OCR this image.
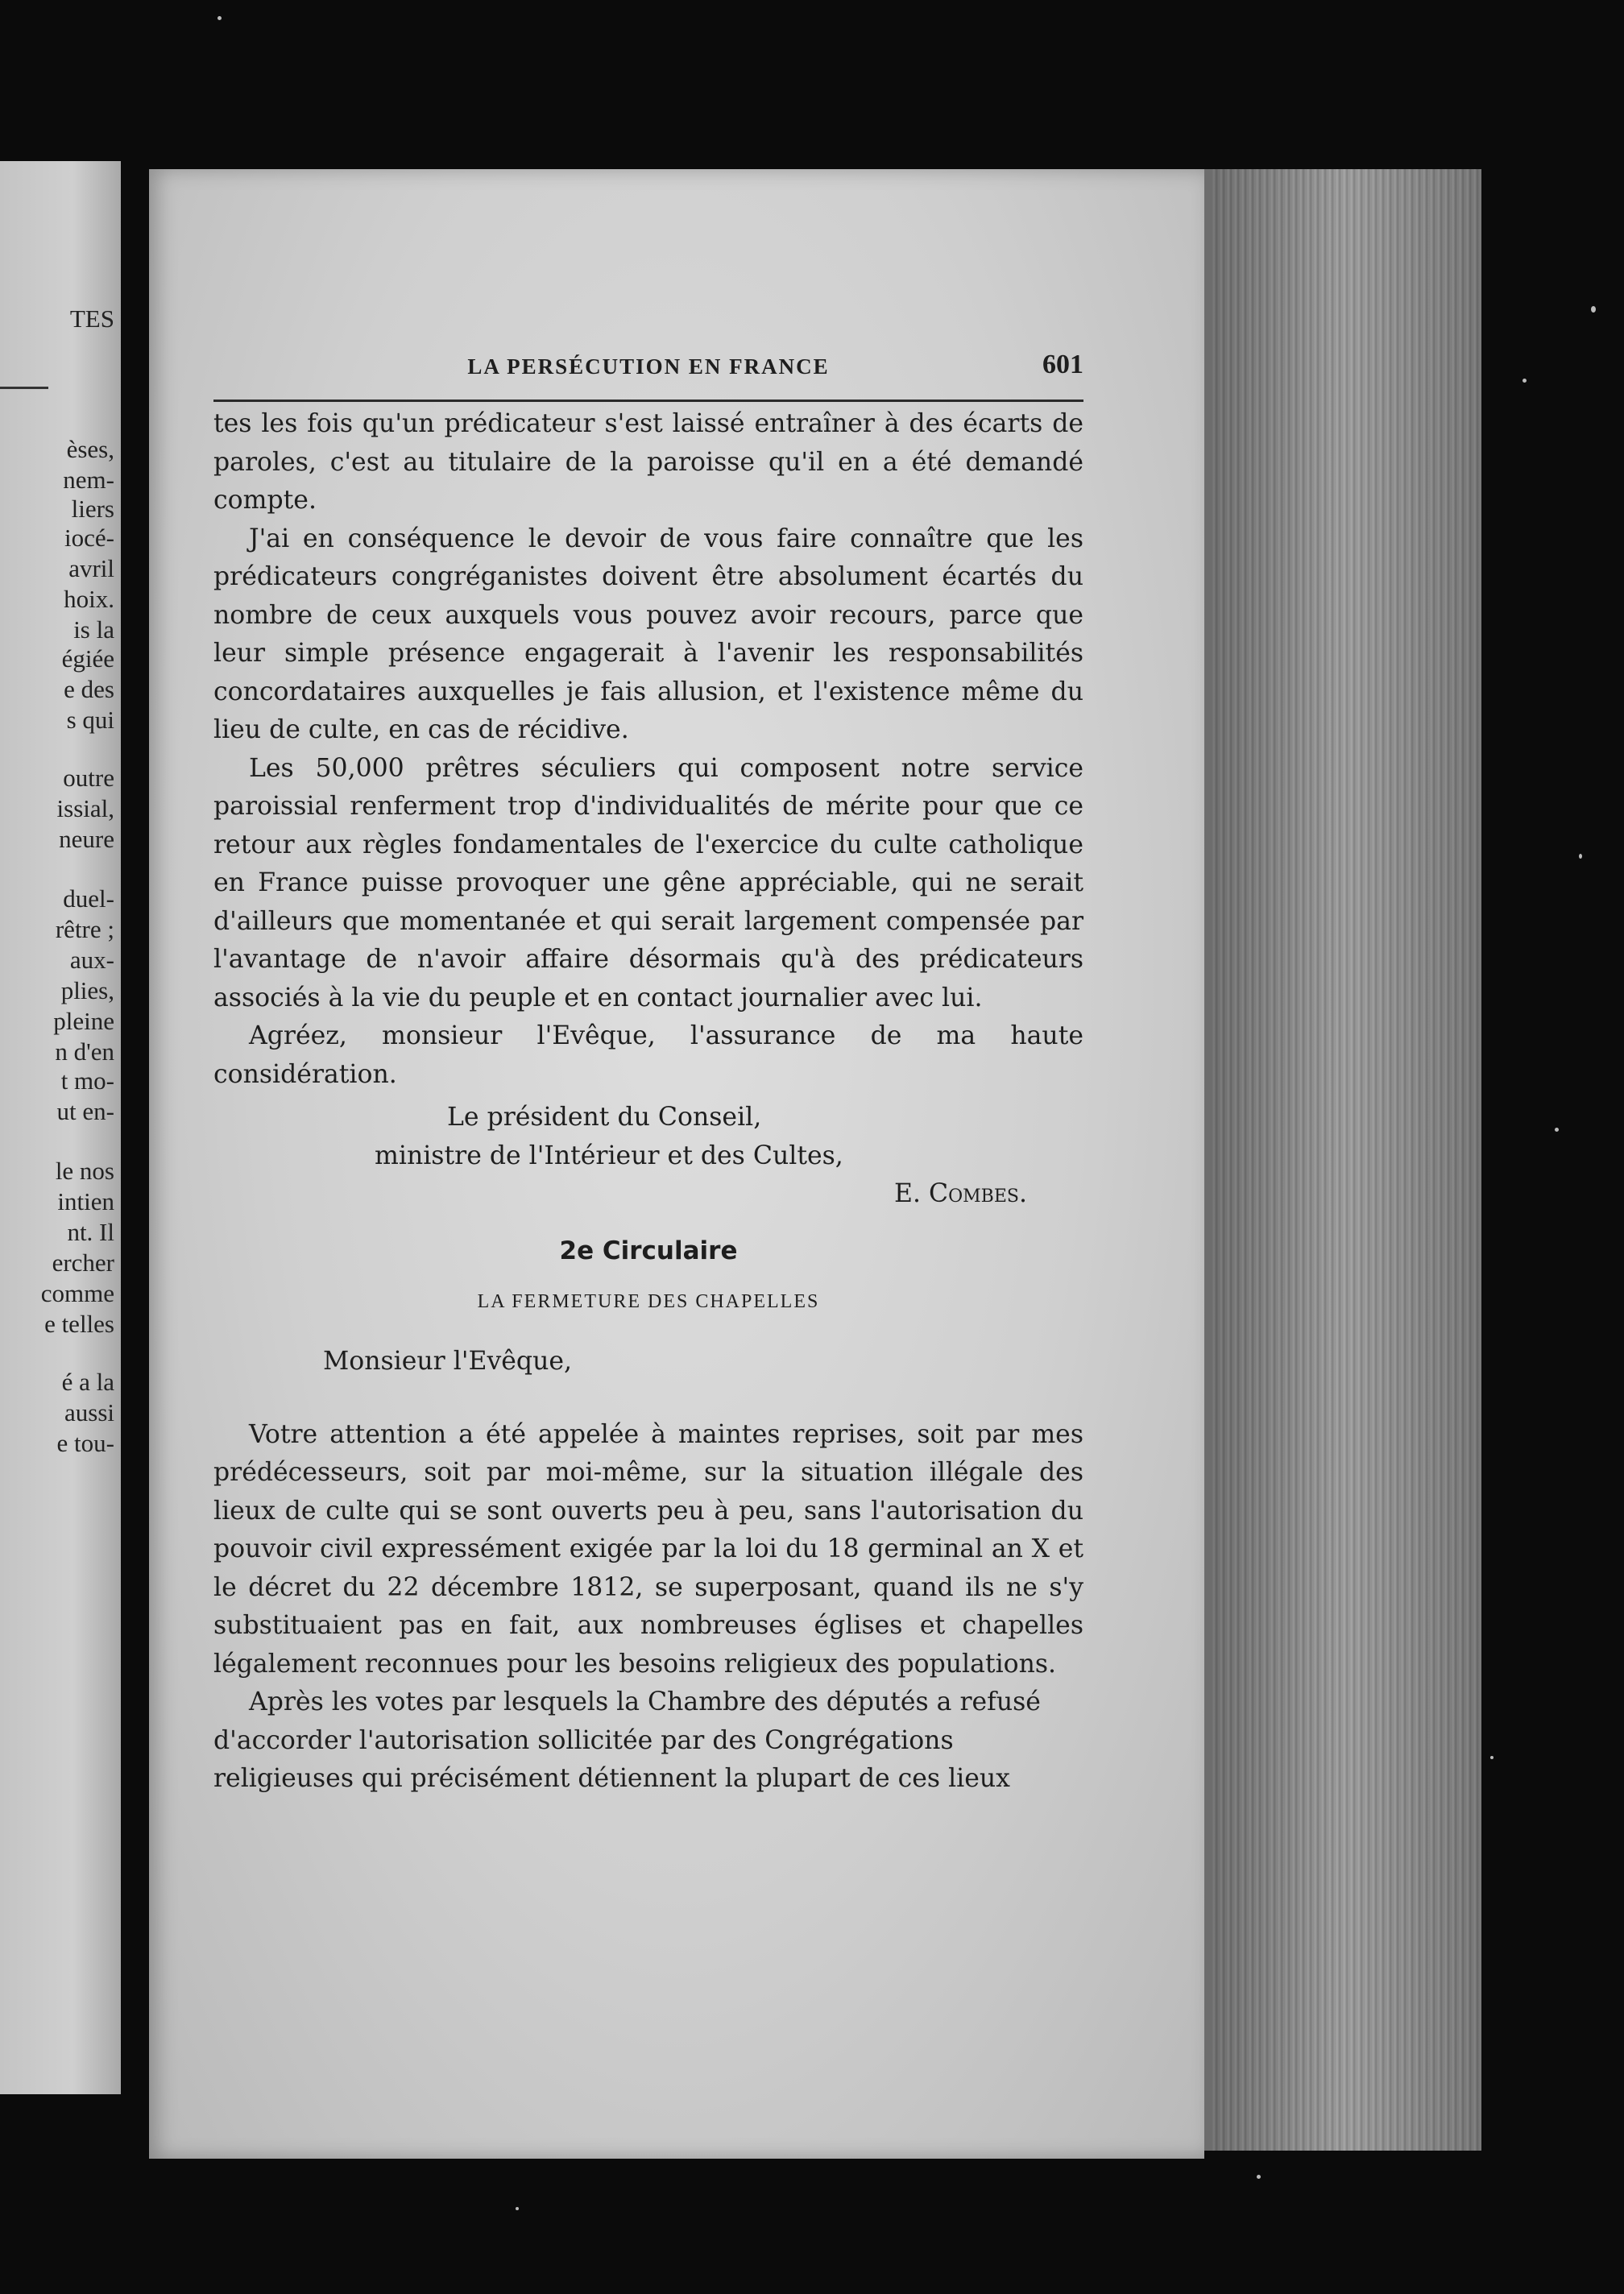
TES
èses,
nem-
liers
iocé-
avril
hoix.
is la
égiée
e des
s qui
outre
issial,
neure
duel-
rêtre ;
aux-
plies,
pleine
n d'en
t mo-
ut en-
le nos
intien
nt. Il
ercher
comme
e telles
é a la
aussi
e tou-
LA PERSÉCUTION EN FRANCE	601

tes les fois qu'un prédicateur s'est laissé entraîner à des écarts de paroles, c'est au titulaire de la paroisse qu'il en a été demandé compte.

J'ai en conséquence le devoir de vous faire connaître que les prédicateurs congréganistes doivent être absolument écartés du nombre de ceux auxquels vous pouvez avoir recours, parce que leur simple présence engagerait à l'avenir les responsabilités concordataires auxquelles je fais allusion, et l'existence même du lieu de culte, en cas de récidive.

Les 50,000 prêtres séculiers qui composent notre service paroissial renferment trop d'individualités de mérite pour que ce retour aux règles fondamentales de l'exercice du culte catholique en France puisse provoquer une gêne appréciable, qui ne serait d'ailleurs que momentanée et qui serait largement compensée par l'avantage de n'avoir affaire désormais qu'à des prédicateurs associés à la vie du peuple et en contact journalier avec lui.

Agréez, monsieur l'Evêque, l'assurance de ma haute considération.

Le président du Conseil,
ministre de l'Intérieur et des Cultes,
E. Combes.
2e Circulaire
LA FERMETURE DES CHAPELLES
Monsieur l'Evêque,

Votre attention a été appelée à maintes reprises, soit par mes prédécesseurs, soit par moi-même, sur la situation illégale des lieux de culte qui se sont ouverts peu à peu, sans l'autorisation du pouvoir civil expressément exigée par la loi du 18 germinal an X et le décret du 22 décembre 1812, se superposant, quand ils ne s'y substituaient pas en fait, aux nombreuses églises et chapelles légalement reconnues pour les besoins religieux des populations.

Après les votes par lesquels la Chambre des députés a refusé d'accorder l'autorisation sollicitée par des Congrégations religieuses qui précisément détiennent la plupart de ces lieux
